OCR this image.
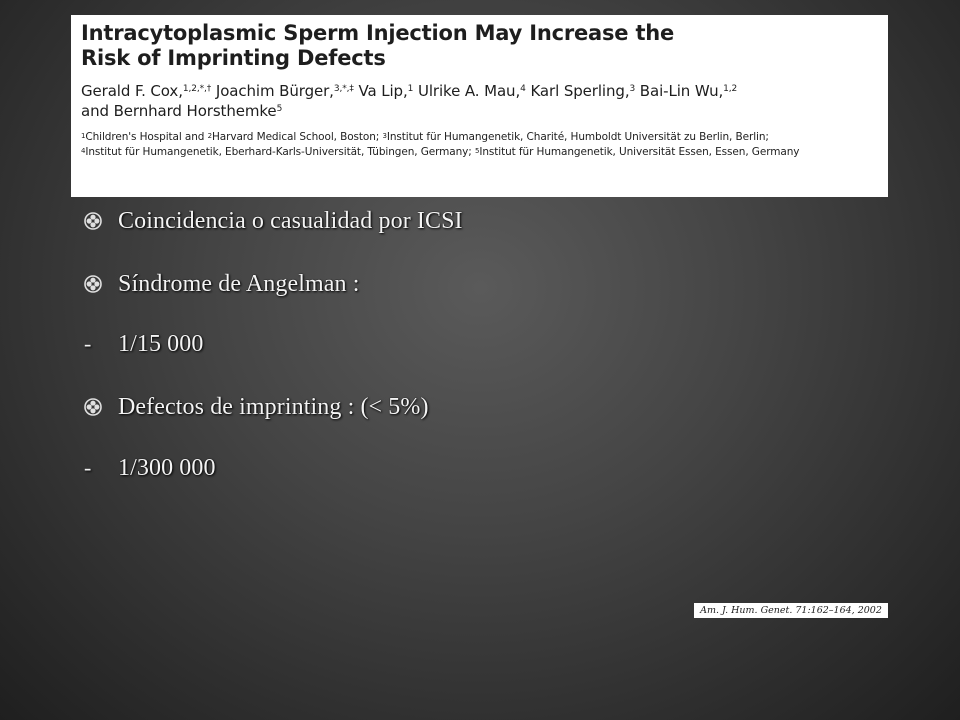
Intracytoplasmic Sperm Injection May Increase the Risk of Imprinting Defects
Gerald F. Cox,$^{1,2,*,\dagger}$ Joachim Bürger,$^{3,*,\ddagger}$ Va Lip,$^1$ Ulrike A. Mau,$^4$ Karl Sperling,$^3$ Bai-Lin Wu,$^{1,2}$
and Bernhard Horsthemke$^5$
$^1$Children's Hospital and $^2$Harvard Medical School, Boston; $^3$Institut für Humangenetik, Charité, Humboldt Universität zu Berlin, Berlin;
$^4$Institut für Humangenetik, Eberhard-Karls-Universität, Tübingen, Germany; $^5$Institut für Humangenetik, Universität Essen, Essen, Germany
Coincidencia o casualidad por ICSI
Síndrome de Angelman :
-	1/15 000
Defectos de imprinting : (< 5%)
-	1/300 000
Am. J. Hum. Genet. 71:162–164, 2002
